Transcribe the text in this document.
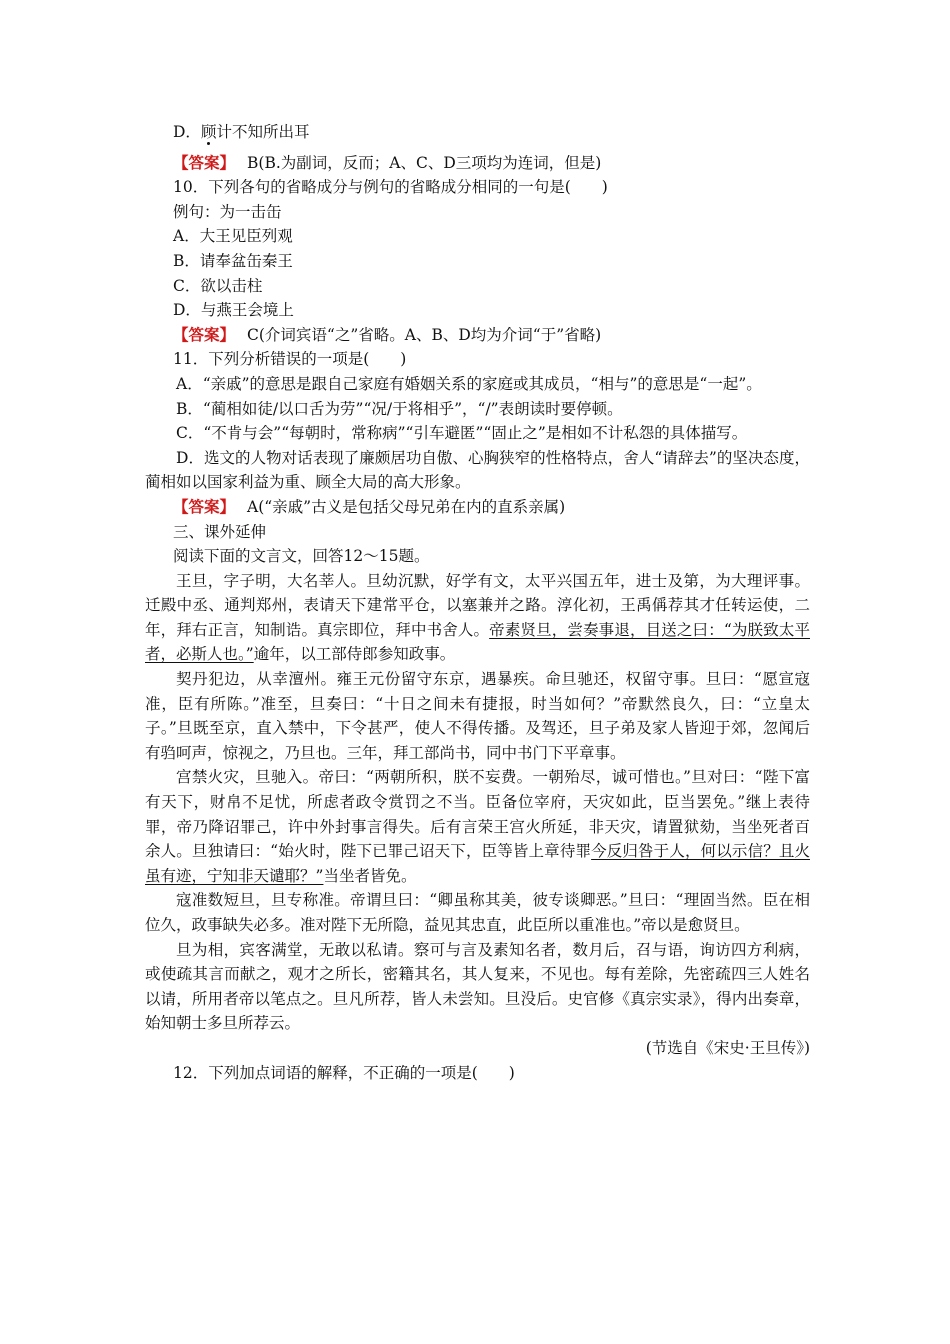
D．顾计不知所出耳
【答案】 B(B.为副词，反而；A、C、D三项均为连词，但是)
10．下列各句的省略成分与例句的省略成分相同的一句是(　　)
例句：为一击缶
A．大王见臣列观
B．请奉盆缶秦王
C．欲以击柱
D．与燕王会境上
【答案】 C(介词宾语“之”省略。A、B、D均为介词“于”省略)
11．下列分析错误的一项是(　　)
A．“亲戚”的意思是跟自己家庭有婚姻关系的家庭或其成员，“相与”的意思是“一起”。
B．“蔺相如徒/以口舌为劳”“况/于将相乎”，“/”表朗读时要停顿。
C．“不肯与会”“每朝时，常称病”“引车避匿”“固止之”是相如不计私怨的具体描写。
D．选文的人物对话表现了廉颇居功自傲、心胸狭窄的性格特点，舍人“请辞去”的坚决态度，蔺相如以国家利益为重、顾全大局的高大形象。
【答案】 A(“亲戚”古义是包括父母兄弟在内的直系亲属)
三、课外延伸
阅读下面的文言文，回答12～15题。
王旦，字子明，大名莘人。旦幼沉默，好学有文，太平兴国五年，进士及第，为大理评事。迁殿中丞、通判郑州，表请天下建常平仓，以塞兼并之路。淳化初，王禹偁荐其才任转运使，二年，拜右正言，知制诰。真宗即位，拜中书舍人。帝素贤旦，尝奏事退，目送之曰：“为朕致太平者，必斯人也。”逾年，以工部侍郎参知政事。
契丹犯边，从幸澶州。雍王元份留守东京，遇暴疾。命旦驰还，权留守事。旦曰：“愿宣寇准，臣有所陈。”准至，旦奏曰：“十日之间未有捷报，时当如何？”帝默然良久，曰：“立皇太子。”旦既至京，直入禁中，下令甚严，使人不得传播。及驾还，旦子弟及家人皆迎于郊，忽闻后有驺呵声，惊视之，乃旦也。三年，拜工部尚书，同中书门下平章事。
宫禁火灾，旦驰入。帝曰：“两朝所积，朕不妄费。一朝殆尽，诚可惜也。”旦对曰：“陛下富有天下，财帛不足忧，所虑者政令赏罚之不当。臣备位宰府，天灾如此，臣当罢免。”继上表待罪，帝乃降诏罪己，许中外封事言得失。后有言荣王宫火所延，非天灾，请置狱劾，当坐死者百余人。旦独请曰：“始火时，陛下已罪己诏天下，臣等皆上章待罪今反归咎于人，何以示信？且火虽有迹，宁知非天谴耶？”当坐者皆免。
寇准数短旦，旦专称准。帝谓旦曰：“卿虽称其美，彼专谈卿恶。”旦曰：“理固当然。臣在相位久，政事缺失必多。准对陛下无所隐，益见其忠直，此臣所以重准也。”帝以是愈贤旦。
旦为相，宾客满堂，无敢以私请。察可与言及素知名者，数月后，召与语，询访四方利病，或使疏其言而献之，观才之所长，密籍其名，其人复来，不见也。每有差除，先密疏四三人姓名以请，所用者帝以笔点之。旦凡所荐，皆人未尝知。旦没后。史官修《真宗实录》，得内出奏章，始知朝士多旦所荐云。
(节选自《宋史·王旦传》)
12．下列加点词语的解释，不正确的一项是(　　)
